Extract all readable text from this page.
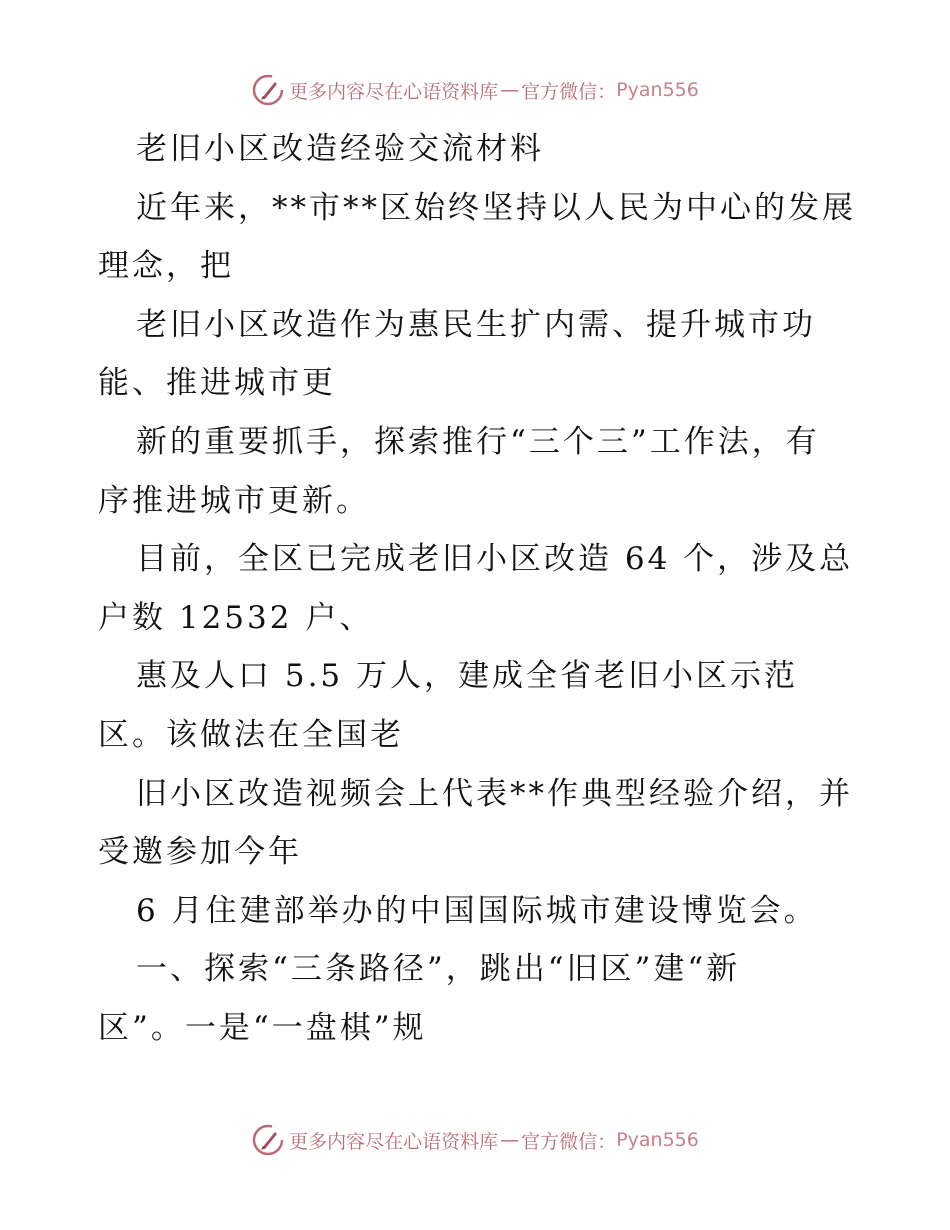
更多内容尽在心语资料库 — 官方微信： Pyan556

老旧小区改造经验交流材料

近年来，**市**区始终坚持以人民为中心的发展

理念，把

老旧小区改造作为惠民生扩内需、提升城市功

能、推进城市更

新的重要抓手，探索推行“三个三”工作法，有

序推进城市更新。

目前，全区已完成老旧小区改造 64 个，涉及总

户数 12532 户、

惠及人口 5.5 万人，建成全省老旧小区示范

区。该做法在全国老

旧小区改造视频会上代表**作典型经验介绍，并

受邀参加今年

6 月住建部举办的中国国际城市建设博览会。

一、探索“三条路径”，跳出“旧区”建“新

区”。一是“一盘棋”规

更多内容尽在心语资料库 — 官方微信： Pyan556
